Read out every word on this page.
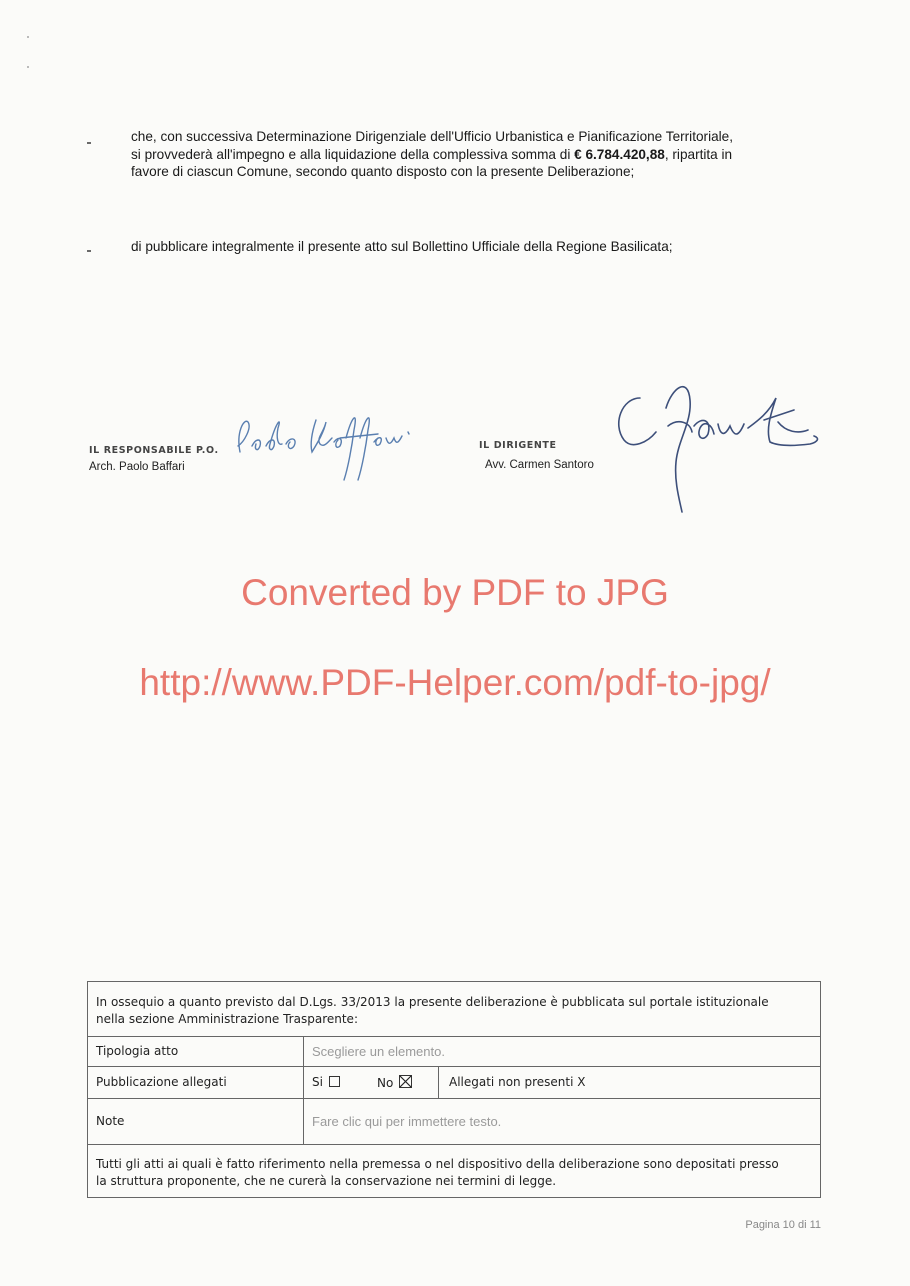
che, con successiva Determinazione Dirigenziale dell'Ufficio Urbanistica e Pianificazione Territoriale,
si provvederà all'impegno e alla liquidazione della complessiva somma di € 6.784.420,88, ripartita in
favore di ciascun Comune, secondo quanto disposto con la presente Deliberazione;
di pubblicare integralmente il presente atto sul Bollettino Ufficiale della Regione Basilicata;
IL RESPONSABILE P.O.
Arch. Paolo Baffari
IL DIRIGENTE
Avv. Carmen Santoro
Converted by PDF to JPG
http://www.PDF-Helper.com/pdf-to-jpg/
In ossequio a quanto previsto dal D.Lgs. 33/2013 la presente deliberazione è pubblicata sul portale istituzionale
nella sezione Amministrazione Trasparente:
Tipologia atto	Scegliere un elemento.
Pubblicazione allegati	Si	No	Allegati non presenti X
Note	Fare clic qui per immettere testo.
Tutti gli atti ai quali è fatto riferimento nella premessa o nel dispositivo della deliberazione sono depositati presso
la struttura proponente, che ne curerà la conservazione nei termini di legge.
Pagina 10 di 11
